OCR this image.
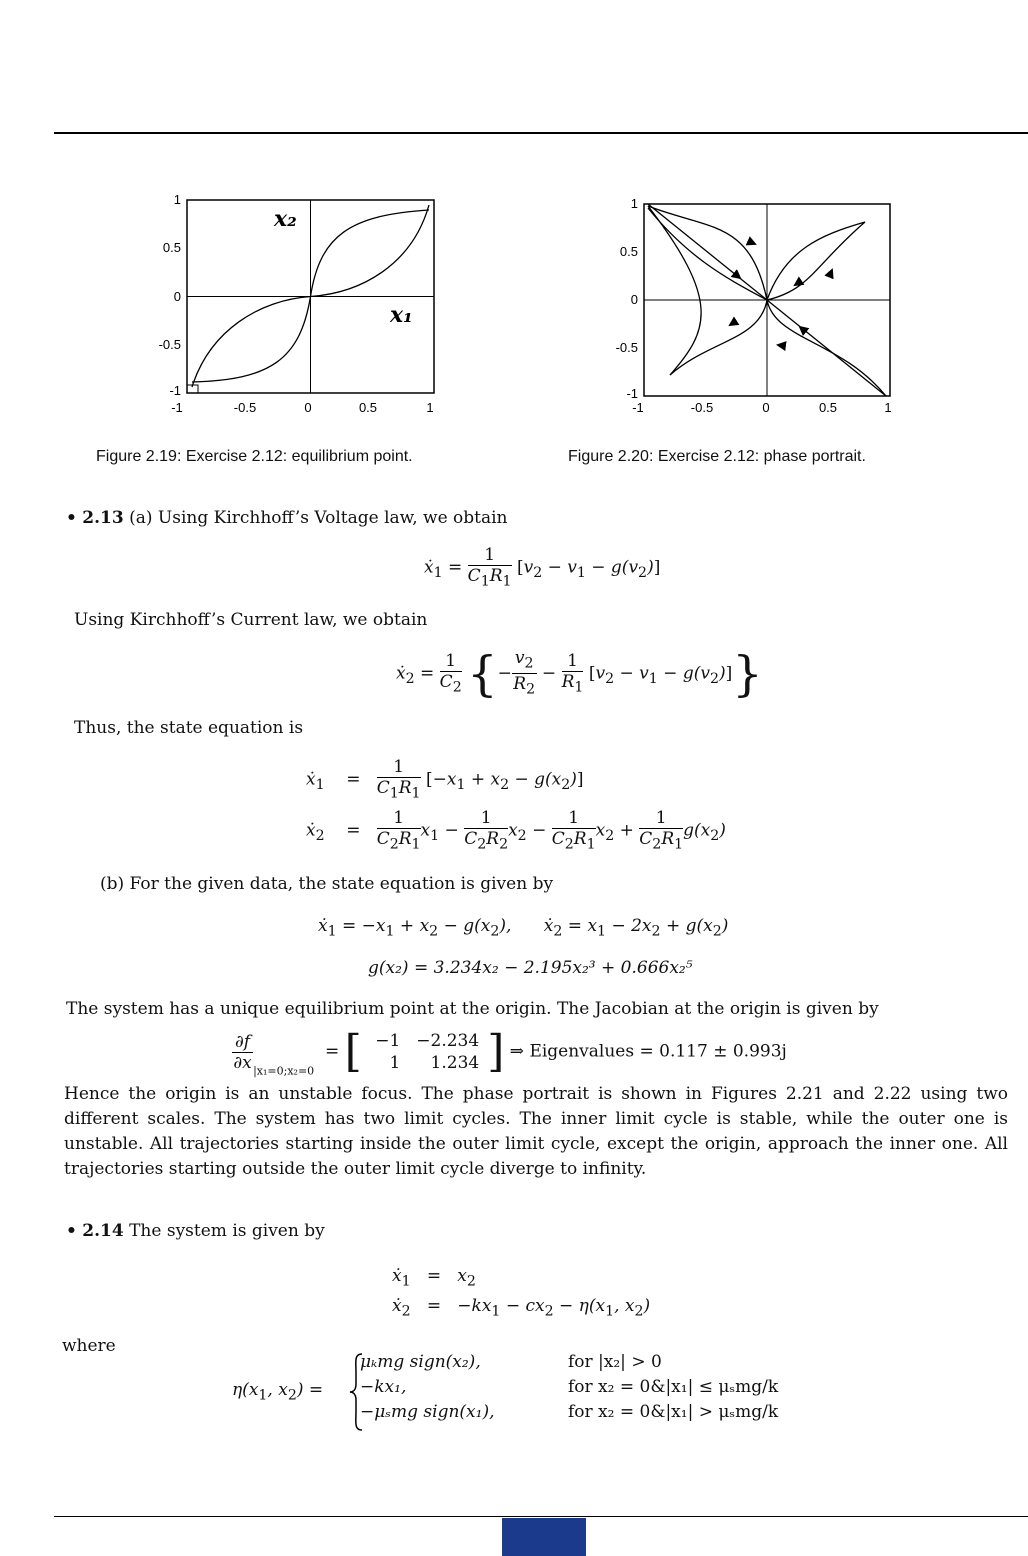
x₂
x₁
1
0.5
0
-0.5
-1
-1	-0.5	0	0.5	1
1
0.5
0
-0.5
-1
-1	-0.5	0	0.5	1
Figure 2.19: Exercise 2.12: equilibrium point.	Figure 2.20: Exercise 2.12: phase portrait.
• 2.13 (a) Using Kirchhoff’s Voltage law, we obtain
ẋ$_1$ = $\frac{1}{C_1R_1} [v_2 - v_1 - g(v_2)]$
Using Kirchhoff’s Current law, we obtain
ẋ$_2$ = $\frac{1}{C_2}$ {− $\frac{v_2}{R_2} - \frac{1}{R_1} [v_2 - v_1 - g(v_2)]$}
Thus, the state equation is
ẋ$_1$    = $\frac{1}{C_1R_1} [-x_1 + x_2 - g(x_2)]$
ẋ$_2$    = $\frac{1}{C_2R_1} x_1 - \frac{1}{C_2R_2} x_2 - \frac{1}{C_2R_1} x_2 + \frac{1}{C_2R_1} g(x_2)$
(b) For the given data, the state equation is given by
ẋ$_1$ = $-x_1 + x_2 - g(x_2)$,      ẋ$_2$ = $x_1 - 2x_2 + g(x_2)$
g(x₂) = 3.234x₂ − 2.195x₂³ + 0.666x₂⁵
The system has a unique equilibrium point at the origin. The Jacobian at the origin is given by
$\frac{\partial f}{\partial x} _{|x_1=0;x_2=0}$  = [ −1	−2.234
1	1.234 ] ⇒ Eigenvalues = 0.117 ± 0.993j
Hence the origin is an unstable focus. The phase portrait is shown in Figures 2.21 and 2.22 using two different scales. The system has two limit cycles. The inner limit cycle is stable, while the outer one is unstable. All trajectories starting inside the outer limit cycle, except the origin, approach the inner one. All trajectories starting outside the outer limit cycle diverge to infinity.
• 2.14 The system is given by
ẋ$_1$   =   $x_2$
ẋ$_2$   =   $-kx_1 - cx_2 - \eta(x_1$, $x_2$)
where
$\eta(x_1$, $x_2$) =
μₖmg sign(x₂),	for |x₂| > 0
−kx₁,	for x₂ = 0&|x₁| ≤ μₛmg/k
−μₛmg sign(x₁),	for x₂ = 0&|x₁| > μₛmg/k
